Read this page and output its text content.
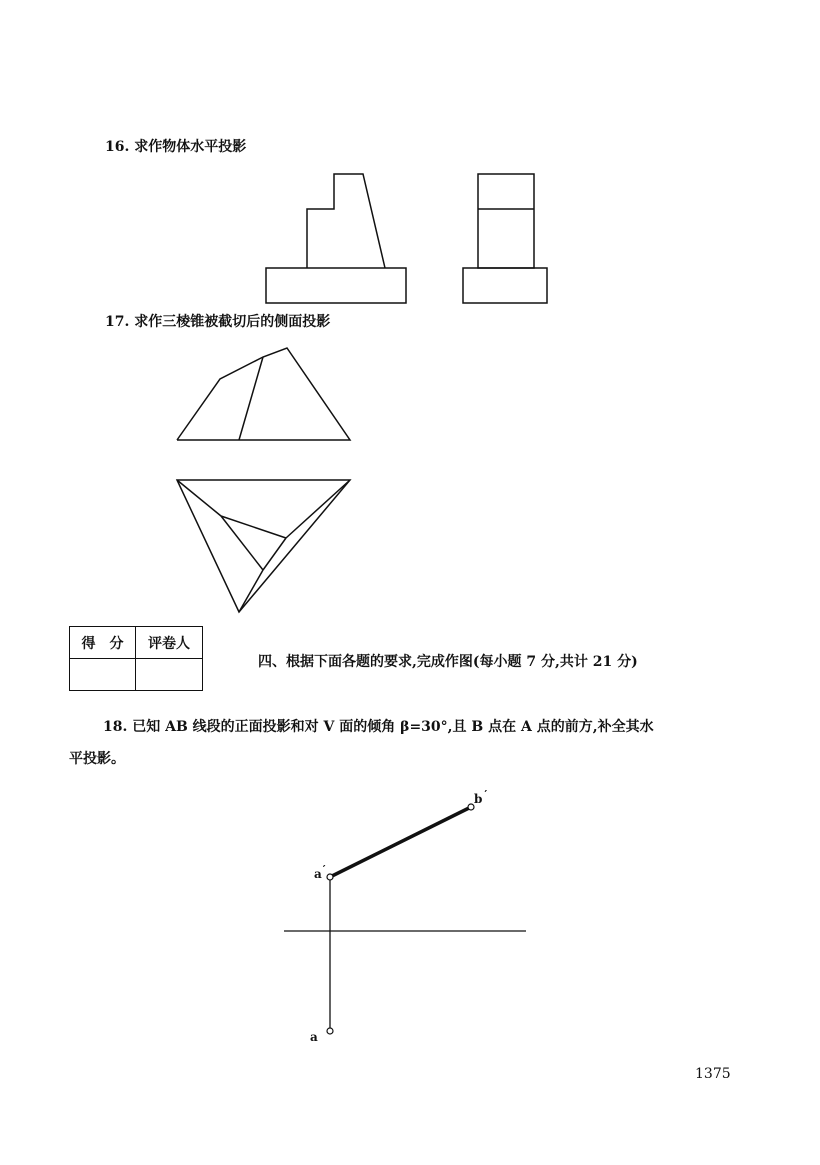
16. 求作物体水平投影
17. 求作三棱锥被截切后的侧面投影
得　分	评卷人

四、根据下面各题的要求,完成作图(每小题 7 分,共计 21 分)
18. 已知 AB 线段的正面投影和对 V 面的倾角 β=30°,且 B 点在 A 点的前方,补全其水
平投影。
b ′
a′
a
1375
